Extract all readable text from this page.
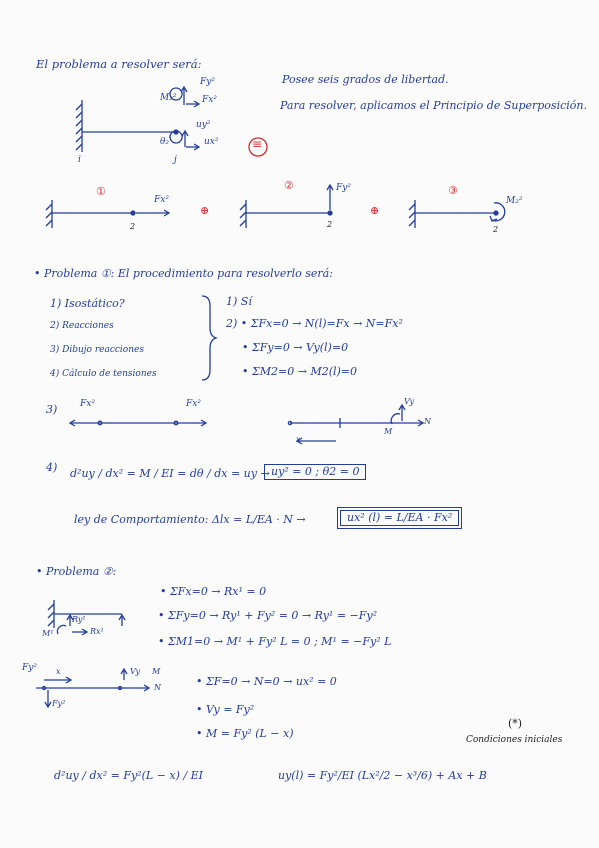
El problema a resolver será:
Posee seis grados de libertad.
Para resolver, aplicamos el Principio de Superposición.
Fy²
M₂²	Fx²
uy²
θ₂	ux²
i	j
≡
①	②	③
⊕	⊕
Fx²
Fy²
M₂²
2	2
2
• Problema ①: El procedimiento para resolverlo será:
1) Isostático?
2) Reacciones
3) Dibujo reacciones
4) Cálculo de tensiones
1) Sí
2) • ΣFx=0 → N(l)=Fx → N=Fx²
• ΣFy=0 → Vy(l)=0
• ΣM2=0 → M2(l)=0
3)	Fx²	Fx²	Vy
M
N
x
4) d²uy / dx² = M / EI = dθ / dx = uy → uy² = 0 ; θ2 = 0
ley de Comportamiento: Δlx = L/EA · N →	ux² (l) = L/EA · Fx²
• Problema ②:
• ΣFx=0 → Rx¹ = 0
• ΣFy=0 → Ry¹ + Fy² = 0 → Ry¹ = −Fy²
• ΣM1=0 → M¹ + Fy² L = 0 ; M¹ = −Fy² L
Ry¹
Rx¹
M¹
Fy² x	Vy M
N
Fy²
• ΣF=0 → N=0 → ux² = 0
• Vy = Fy²
• M = Fy² (L − x)
(*)
Condiciones iniciales
d²uy / dx² = Fy²(L − x) / EI	uy(l) = Fy²/EI (Lx²/2 − x³/6) + Ax + B
